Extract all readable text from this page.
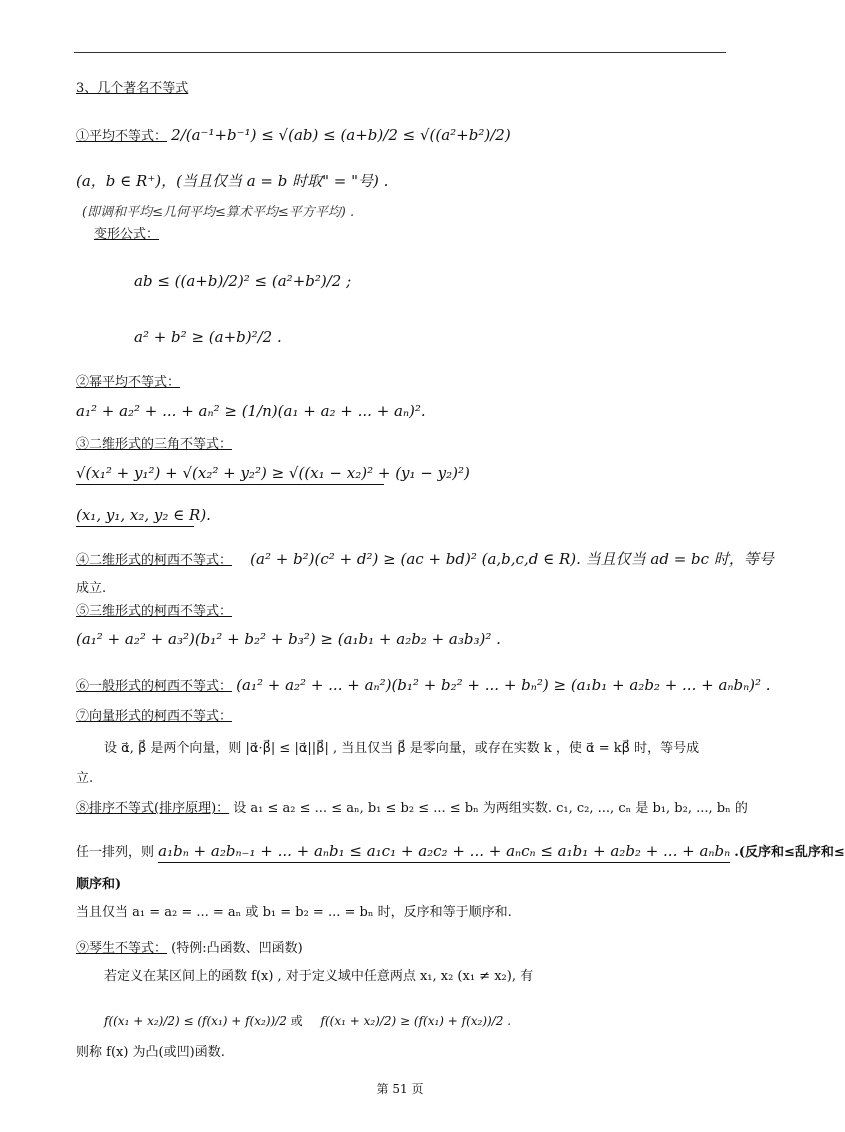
3、几个著名不等式
①平均不等式： 2/(a⁻¹+b⁻¹) ≤ √(ab) ≤ (a+b)/2 ≤ √((a²+b²)/2)
(a，b ∈ R⁺)，(当且仅当 a = b 时取" = "号) .
(即调和平均≤几何平均≤算术平均≤平方平均) .
变形公式：
ab ≤ ((a+b)/2)² ≤ (a²+b²)/2 ;
a² + b² ≥ (a+b)²/2 .
②幂平均不等式：
a₁² + a₂² + ... + aₙ² ≥ (1/n)(a₁ + a₂ + ... + aₙ)².
③二维形式的三角不等式：
√(x₁² + y₁²) + √(x₂² + y₂²) ≥ √((x₁ − x₂)² + (y₁ − y₂)²)
(x₁, y₁, x₂, y₂ ∈ R).
④二维形式的柯西不等式： (a² + b²)(c² + d²) ≥ (ac + bd)² (a,b,c,d ∈ R). 当且仅当 ad = bc 时，等号
成立.
⑤三维形式的柯西不等式：
(a₁² + a₂² + a₃²)(b₁² + b₂² + b₃²) ≥ (a₁b₁ + a₂b₂ + a₃b₃)² .
⑥一般形式的柯西不等式： (a₁² + a₂² + ... + aₙ²)(b₁² + b₂² + ... + bₙ²) ≥ (a₁b₁ + a₂b₂ + ... + aₙbₙ)² .
⑦向量形式的柯西不等式：
设 α⃗, β⃗ 是两个向量，则 |α⃗·β⃗| ≤ |α⃗||β⃗| , 当且仅当 β⃗ 是零向量，或存在实数 k ，使 α⃗ = kβ⃗ 时，等号成
立.
⑧排序不等式(排序原理)： 设 a₁ ≤ a₂ ≤ ... ≤ aₙ, b₁ ≤ b₂ ≤ ... ≤ bₙ 为两组实数. c₁, c₂, ..., cₙ 是 b₁, b₂, ..., bₙ 的
任一排列，则 a₁bₙ + a₂bₙ₋₁ + ... + aₙb₁ ≤ a₁c₁ + a₂c₂ + ... + aₙcₙ ≤ a₁b₁ + a₂b₂ + ... + aₙbₙ .(反序和≤乱序和≤
顺序和)
当且仅当 a₁ = a₂ = ... = aₙ 或 b₁ = b₂ = ... = bₙ 时，反序和等于顺序和.
⑨琴生不等式： (特例:凸函数、凹函数)
若定义在某区间上的函数 f(x) , 对于定义域中任意两点 x₁, x₂ (x₁ ≠ x₂), 有
f((x₁ + x₂)/2) ≤ (f(x₁) + f(x₂))/2 或 f((x₁ + x₂)/2) ≥ (f(x₁) + f(x₂))/2 .
则称 f(x) 为凸(或凹)函数.
第 51 页
